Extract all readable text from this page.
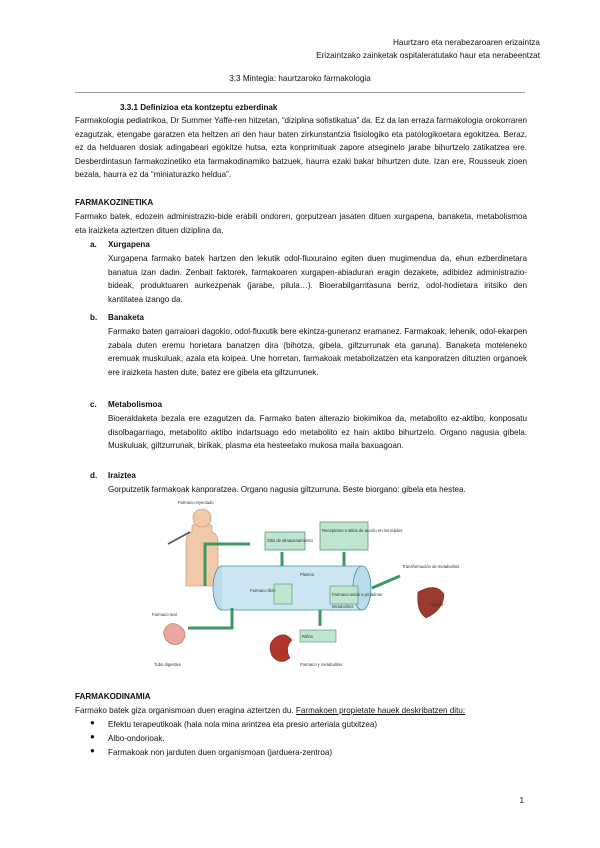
Haurtzaro eta nerabezaroaren erizaintza
Erizaintzako zainketak ospitaleratutako haur eta nerabeentzat
3.3 Mintegia: haurtzaroko farmakologia
3.3.1 Definizioa eta kontzeptu ezberdinak
Farmakologia pediatrikoa, Dr Summer Yaffe-ren hitzetan, “diziplina sofistikatua” da. Ez da lan erraza farmakologia orokorraren ezagutzak, etengabe garatzen eta heltzen ari den haur baten zirkunstantzia fisiologiko eta patologikoetara egokitzea. Beraz, ez da helduaren dosiak adingabeari egokitze hutsa, ezta konprimituak zapore atseginelo jarabe bihurtzelo zatikatzea ere. Desberdintasun farmakozinetiko eta farmakodinamiko batzuek, haurra ezaki bakar bihurtzen dute. Izan ere, Rousseuk zioen bezala, haurra ez da “miniaturazko heldua”.
FARMAKOZINETIKA
Farmako batek, edozein administrazio-bide erabili ondoren, gorputzean jasaten dituen xurgapena, banaketa, metabolismoa eta iraizketa aztertzen dituen diziplina da.
a. Xurgapena
Xurgapena farmako batek hartzen den lekutik odol-fluxuraino egiten duen mugimendua da, ehun ezberdinetara banatua izan dadin. Zenbait faktorek, farmakoaren xurgapen-abiaduran eragin dezakete, adibidez administrazio-bideak, produktuaren aurkezpenak (jarabe, pilula…). Bioerabilgarritasuna berriz, odol-hodietara iritsiko den kantitatea izango da.
b. Banaketa
Farmako baten garraioari dagokio, odol-fluxutik bere ekintza-guneranz eramanez. Farmakoak, lehenik, odol-ekarpen zabala duten eremu horietara banatzen dira (bihotza, gibela, giltzurrunak eta garuna). Banaketa moteleneko eremuak muskuluak, azala eta koipea. Une horretan, farmakoak metabolizatzen eta kanporatzen dituzten organoek ere iraizketa hasten dute, batez ere gibela eta giltzurrunek.
c. Metabolismoa
Bioeraldaketa bezala ere ezagutzen da. Farmako baten alterazio biokimikoa da, metabolito ez-aktibo, konposatu disolbagarriago, metabolito aktibo indartsuago edo metabolito ez hain aktibo bihurtzelo. Organo nagusia gibela. Muskuluak, giltzurrunak, birikak, plasma eta hesteetako mukosa maila baxuagoan.
d. Iraiztea
Gorputzetik farmakoak kanporatzea. Organo nagusia giltzurruna. Beste biorgano: gibela eta hestea.
Farmaco inyectado
Farmaco oral
Tubo digestivo
Sitio de almacenamiento
Receptores o sitios de acción en los tejidos
Plasma
Farmaco libre
Farmaco unido a proteínas
Metabolitos
Transformación de metabolitos
Hígado
Riñón
Farmaco y metabolitos
FARMAKODINAMIA
Farmako batek giza organismoan duen eragina aztertzen du. Farmakoen propietate hauek deskribatzen ditu:
● Efektu terapeutikoak (hala nola mina arintzea eta presio arteriala gutxitzea)
● Albo-ondorioak.
● Farmakoak non jarduten duen organismoan (jarduera-zentroa)
1
